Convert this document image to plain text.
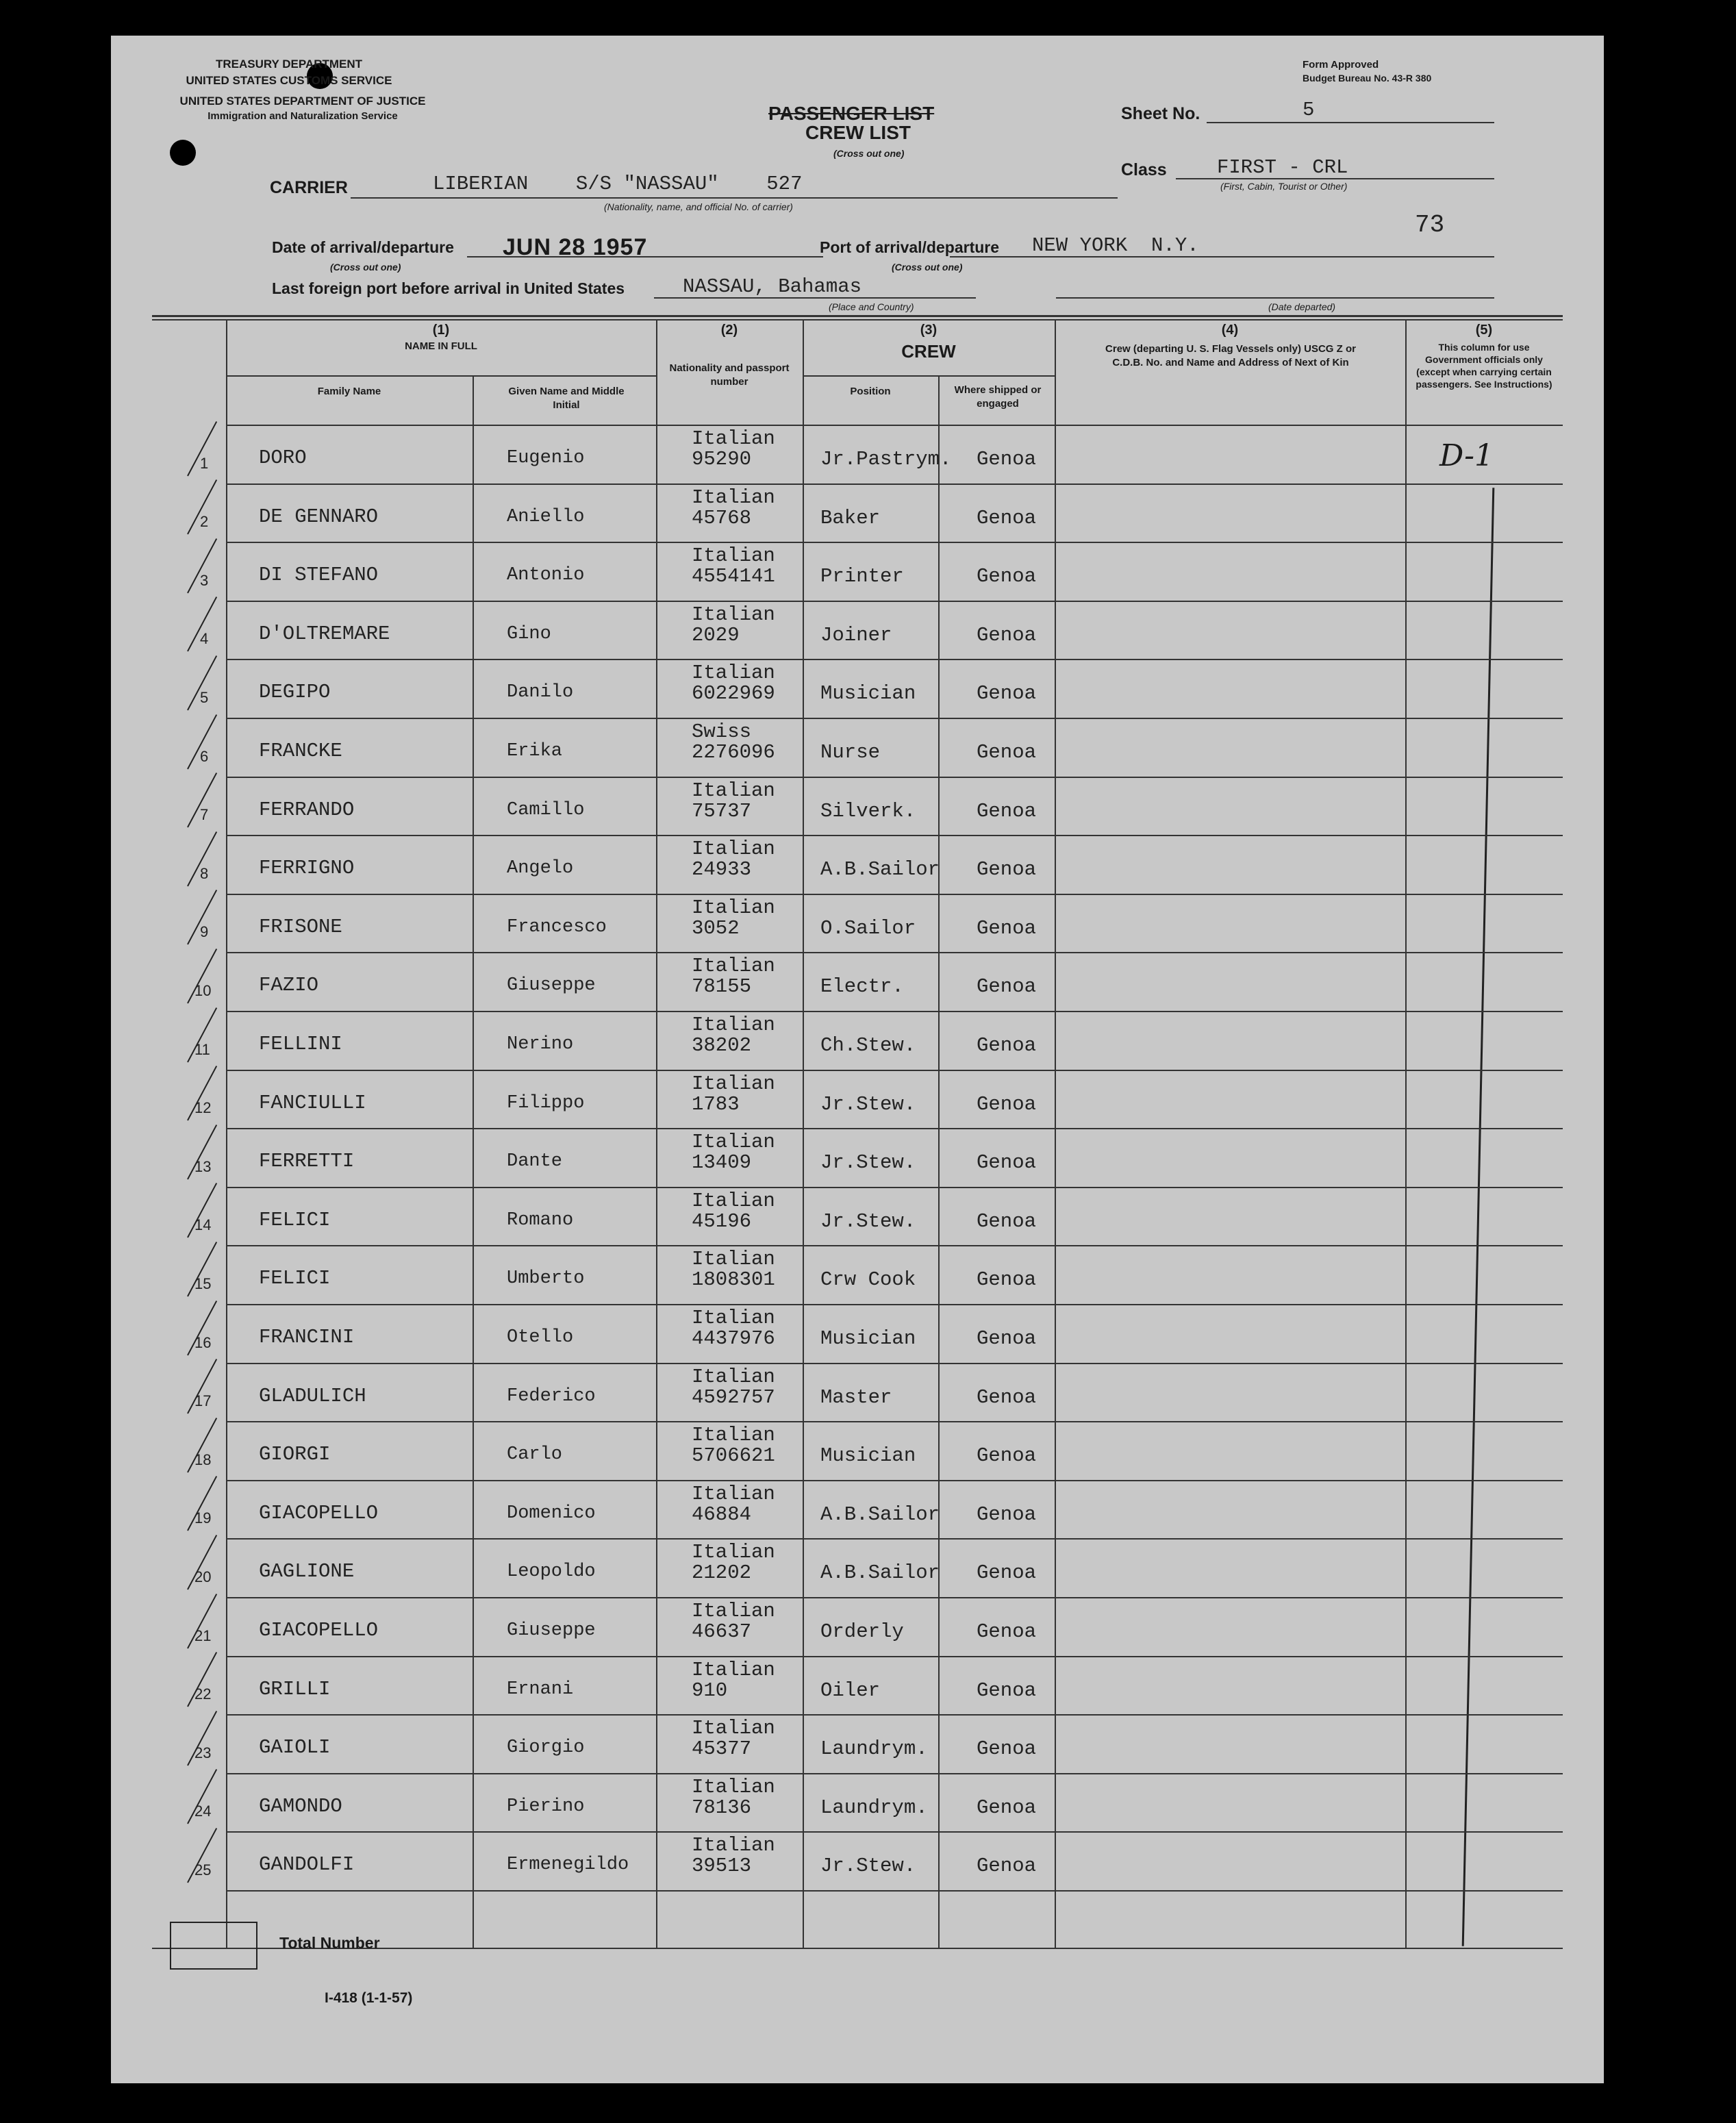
TREASURY DEPARTMENT
UNITED STATES CUSTOMS SERVICE
UNITED STATES DEPARTMENT OF JUSTICE
Immigration and Naturalization Service
Form Approved
Budget Bureau No. 43-R 380
PASSENGER LIST
CREW LIST
(Cross out one)
Sheet No.	5
Class	FIRST - CRL
(First, Cabin, Tourist or Other)
73
CARRIER	LIBERIAN    S/S "NASSAU"    527
(Nationality, name, and official No. of carrier)
Date of arrival/departure
(Cross out one)
JUN 28 1957	Port of arrival/departure
(Cross out one)
NEW YORK  N.Y.
Last foreign port before arrival in United States	NASSAU, Bahamas
(Place and Country)	(Date departed)
(1)
NAME IN FULL
Family Name	Given Name and Middle Initial
(2)
Nationality and passport number
(3)
CREW
Position	Where shipped or engaged
(4)
Crew (departing U. S. Flag Vessels only) USCG Z or C.D.B. No. and Name and Address of Next of Kin
(5)
This column for use Government officials only (except when carrying certain passengers. See Instructions)
D-1
1	DORO	Eugenio
Italian
95290	Jr.Pastrym. Genoa
2	DE GENNARO	Aniello
Italian
45768	Baker	Genoa
3	DI STEFANO	Antonio
Italian
4554141 Printer	Genoa
4	D'OLTREMARE	Gino
Italian
2029	Joiner	Genoa
5	DEGIPO	Danilo
Italian
6022969 Musician	Genoa
6	FRANCKE	Erika
Swiss
2276096 Nurse	Genoa
7	FERRANDO	Camillo
Italian
75737	Silverk.	Genoa
8	FERRIGNO	Angelo
Italian
24933	A.B.Sailor Genoa
9	FRISONE	Francesco
Italian
3052	O.Sailor	Genoa
10 FAZIO	Giuseppe
Italian
78155	Electr.	Genoa
11 FELLINI	Nerino
Italian
38202	Ch.Stew.	Genoa
12 FANCIULLI	Filippo
Italian
1783	Jr.Stew.	Genoa
13 FERRETTI	Dante
Italian
13409	Jr.Stew.	Genoa
14 FELICI	Romano
Italian
45196	Jr.Stew.	Genoa
15 FELICI	Umberto
Italian
1808301 Crw Cook	Genoa
16 FRANCINI	Otello
Italian
4437976 Musician	Genoa
17 GLADULICH	Federico
Italian
4592757 Master	Genoa
18 GIORGI	Carlo
Italian
5706621 Musician	Genoa
19 GIACOPELLO	Domenico
Italian
46884	A.B.Sailor Genoa
20 GAGLIONE	Leopoldo
Italian
21202	A.B.Sailor Genoa
21 GIACOPELLO	Giuseppe
Italian
46637	Orderly	Genoa
22 GRILLI	Ernani
Italian
910	Oiler	Genoa
23 GAIOLI	Giorgio
Italian
45377	Laundrym. Genoa
24 GAMONDO	Pierino
Italian
78136	Laundrym. Genoa
25 GANDOLFI	Ermenegildo
Italian
39513	Jr.Stew.	Genoa
Total Number
I-418 (1-1-57)
